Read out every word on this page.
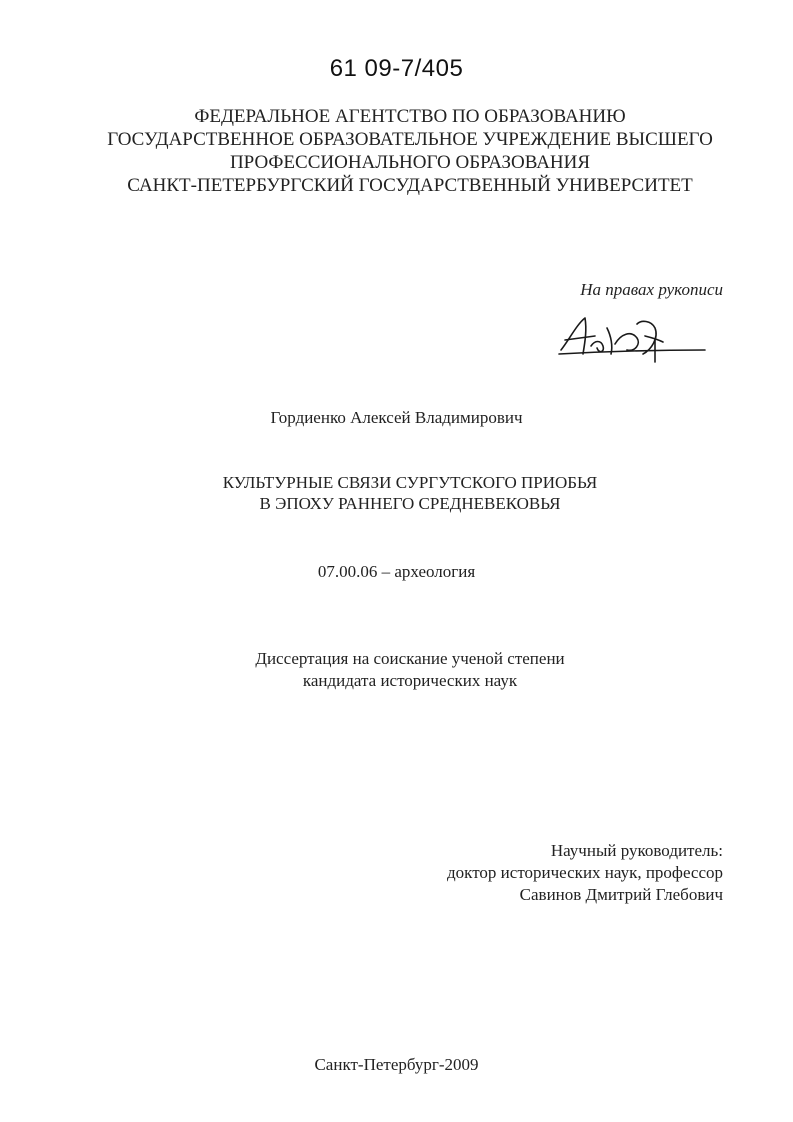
61 09-7/405
ФЕДЕРАЛЬНОЕ АГЕНТСТВО ПО ОБРАЗОВАНИЮ
ГОСУДАРСТВЕННОЕ ОБРАЗОВАТЕЛЬНОЕ УЧРЕЖДЕНИЕ ВЫСШЕГО
ПРОФЕССИОНАЛЬНОГО ОБРАЗОВАНИЯ
САНКТ-ПЕТЕРБУРГСКИЙ ГОСУДАРСТВЕННЫЙ УНИВЕРСИТЕТ
На правах рукописи
Гордиенко Алексей Владимирович
КУЛЬТУРНЫЕ СВЯЗИ СУРГУТСКОГО ПРИОБЬЯ
В ЭПОХУ РАННЕГО СРЕДНЕВЕКОВЬЯ
07.00.06 – археология
Диссертация на соискание ученой степени
кандидата исторических наук
Научный руководитель:
доктор исторических наук, профессор
Савинов Дмитрий Глебович
Санкт-Петербург-2009
